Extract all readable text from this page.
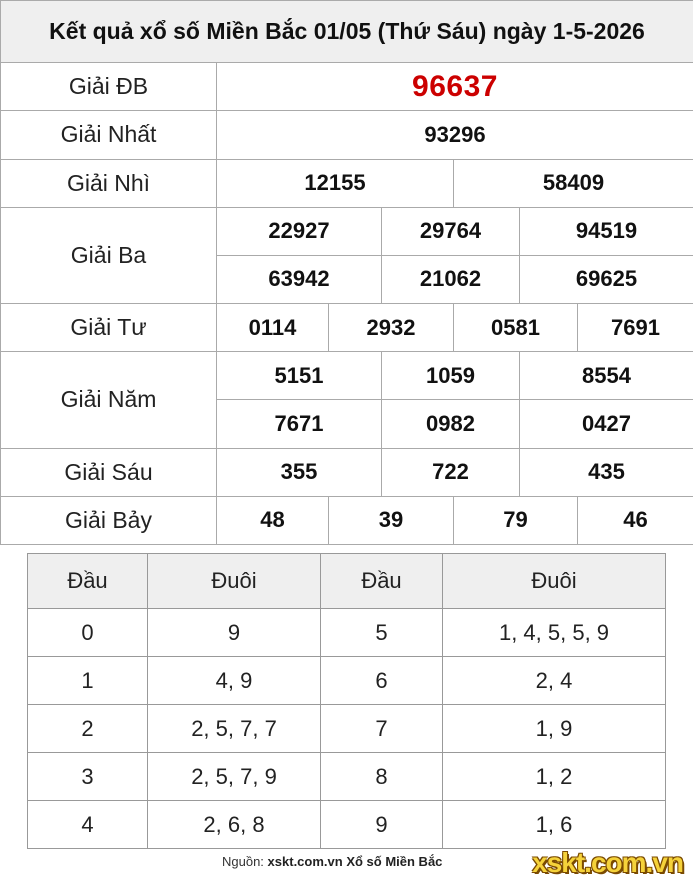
Kết quả xổ số Miền Bắc 01/05 (Thứ Sáu) ngày 1-5-2026						
Giải ĐB	96637					
Giải Nhất	93296					
Giải Nhì	12155			58409		
Giải Ba	22927		29764		94519	
	63942		21062		69625	
Giải Tư	0114	2932		0581		7691
Giải Năm	5151		1059		8554	
	7671		0982		0427	
Giải Sáu	355		722		435	
Giải Bảy	48	39		79		46
Đầu	Đuôi	Đầu	Đuôi
0	9	5	1, 4, 5, 5, 9
1	4, 9	6	2, 4
2	2, 5, 7, 7	7	1, 9
3	2, 5, 7, 9	8	1, 2
4	2, 6, 8	9	1, 6
Nguồn: xskt.com.vn Xổ số Miền Bắc	xskt.com.vn
